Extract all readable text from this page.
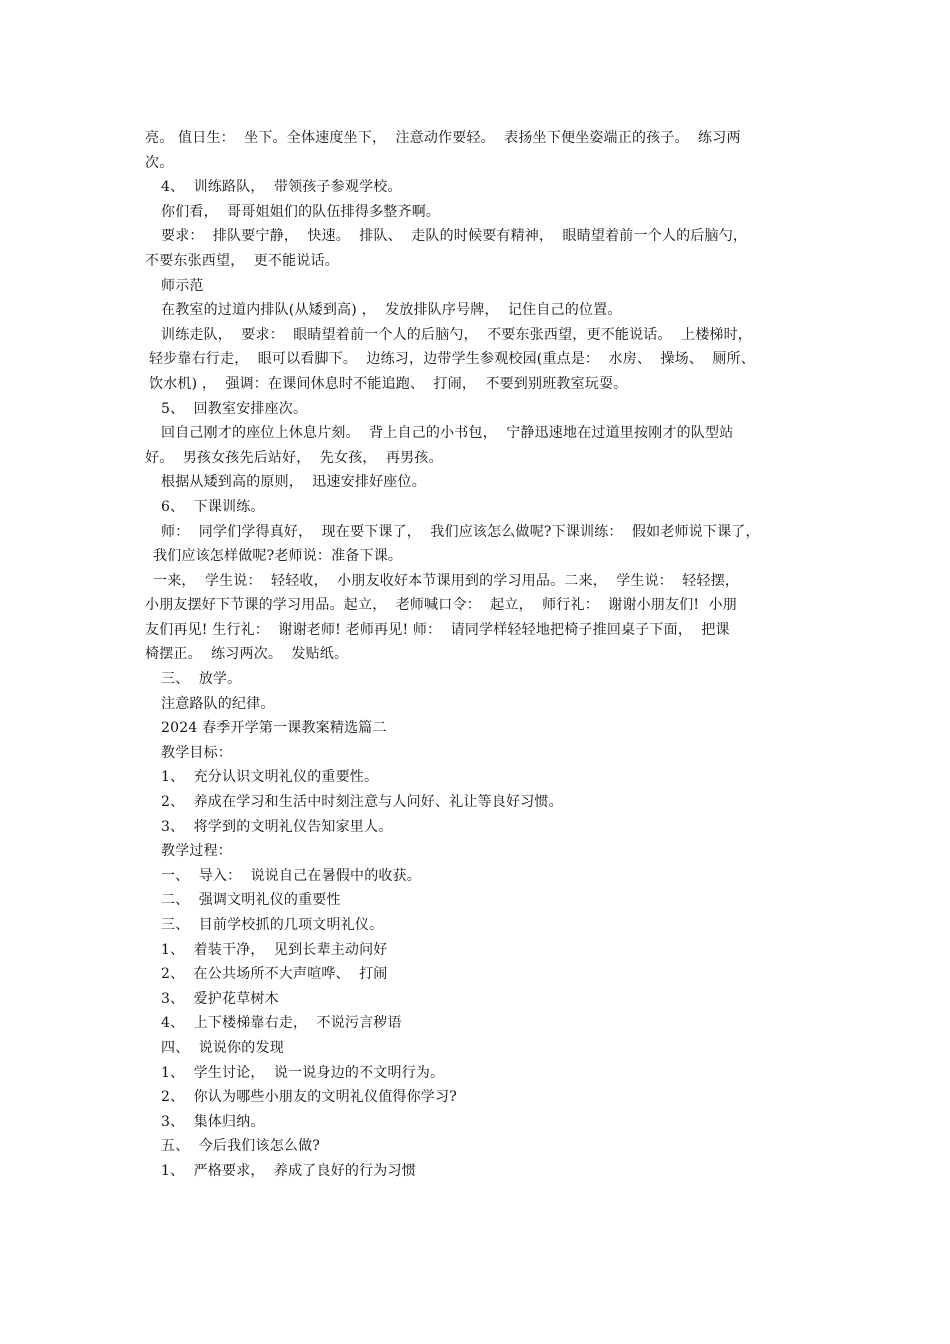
亮。 值日生：  坐下。全体速度坐下，  注意动作要轻。  表扬坐下便坐姿端正的孩子。  练习两
次。
4、  训练路队，  带领孩子参观学校。
你们看，  哥哥姐姐们的队伍排得多整齐啊。
要求：  排队要宁静，  快速。  排队、  走队的时候要有精神，  眼睛望着前一个人的后脑勺，
不要东张西望，  更不能说话。
师示范
在教室的过道内排队(从矮到高) ，  发放排队序号牌，  记住自己的位置。
训练走队，  要求：  眼睛望着前一个人的后脑勺，  不要东张西望，更不能说话。  上楼梯时，
轻步靠右行走，  眼可以看脚下。  边练习，边带学生参观校园(重点是：  水房、  操场、  厕所、
饮水机) ，  强调：在课间休息时不能追跑、  打闹，  不要到别班教室玩耍。
5、  回教室安排座次。
回自己刚才的座位上休息片刻。  背上自己的小书包，  宁静迅速地在过道里按刚才的队型站
好。  男孩女孩先后站好，  先女孩，  再男孩。
根据从矮到高的原则，  迅速安排好座位。
6、  下课训练。
师：  同学们学得真好，  现在要下课了，  我们应该怎么做呢?下课训练：  假如老师说下课了，
我们应该怎样做呢?老师说：准备下课。
一来，  学生说：  轻轻收，  小朋友收好本节课用到的学习用品。二来，  学生说：  轻轻摆，
小朋友摆好下节课的学习用品。起立，  老师喊口令：  起立，  师行礼：  谢谢小朋友们!  小朋
友们再见! 生行礼：  谢谢老师! 老师再见! 师：  请同学样轻轻地把椅子推回桌子下面，  把课
椅摆正。  练习两次。  发贴纸。
三、  放学。
注意路队的纪律。
2024 春季开学第一课教案精选篇二
教学目标：
1、  充分认识文明礼仪的重要性。
2、  养成在学习和生活中时刻注意与人问好、礼让等良好习惯。
3、  将学到的文明礼仪告知家里人。
教学过程：
一、  导入：  说说自己在暑假中的收获。
二、  强调文明礼仪的重要性
三、  目前学校抓的几项文明礼仪。
1、  着装干净，  见到长辈主动问好
2、  在公共场所不大声喧哗、  打闹
3、  爱护花草树木
4、  上下楼梯靠右走，  不说污言秽语
四、  说说你的发现
1、  学生讨论，  说一说身边的不文明行为。
2、  你认为哪些小朋友的文明礼仪值得你学习?
3、  集体归纳。
五、  今后我们该怎么做?
1、  严格要求，  养成了良好的行为习惯
